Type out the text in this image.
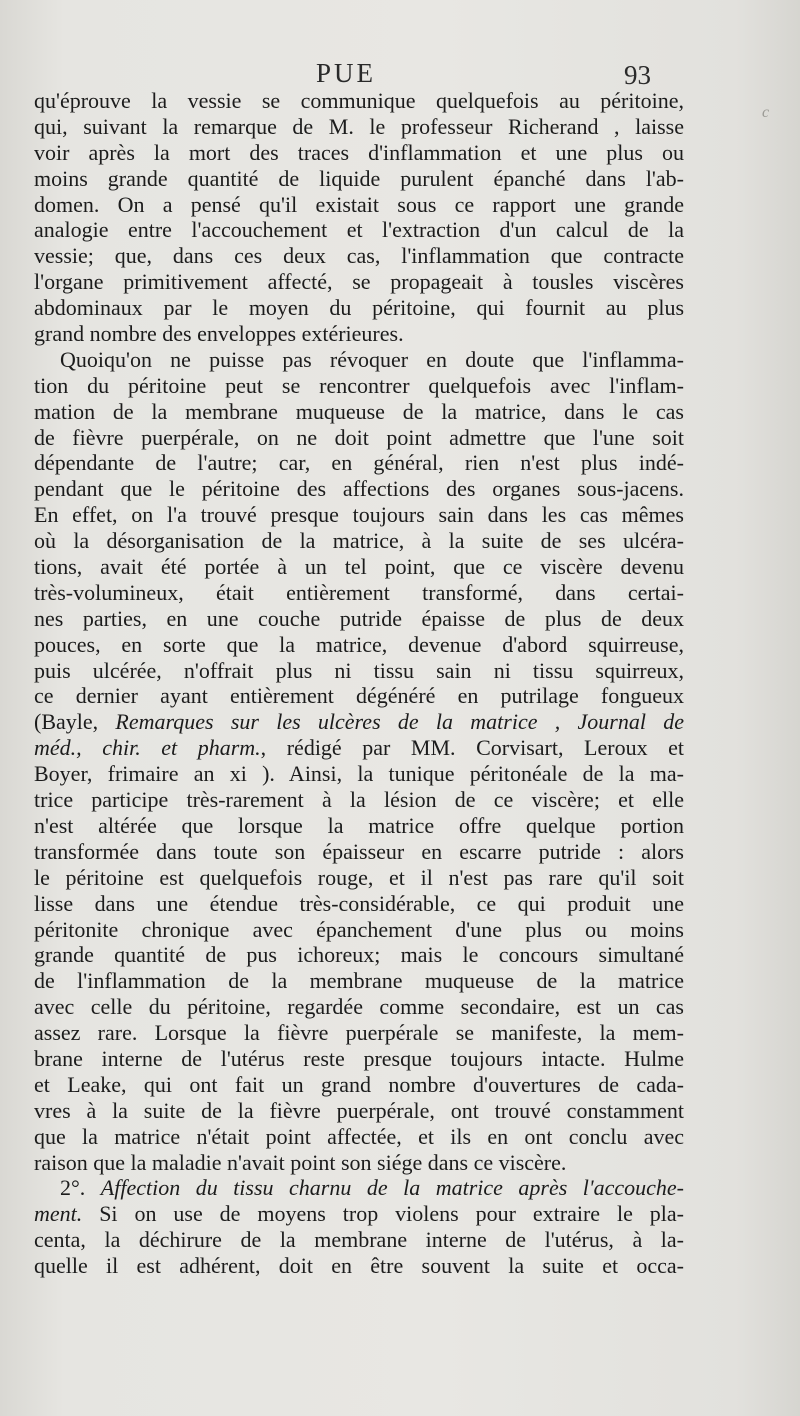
PUE	93
c
qu'éprouve la vessie se communique quelquefois au péritoine,
qui, suivant la remarque de M. le professeur Richerand , laisse
voir après la mort des traces d'inflammation et une plus ou
moins grande quantité de liquide purulent épanché dans l'ab-
domen. On a pensé qu'il existait sous ce rapport une grande
analogie entre l'accouchement et l'extraction d'un calcul de la
vessie; que, dans ces deux cas, l'inflammation que contracte
l'organe primitivement affecté, se propageait à tousles viscères
abdominaux par le moyen du péritoine, qui fournit au plus
grand nombre des enveloppes extérieures.
Quoiqu'on ne puisse pas révoquer en doute que l'inflamma-
tion du péritoine peut se rencontrer quelquefois avec l'inflam-
mation de la membrane muqueuse de la matrice, dans le cas
de fièvre puerpérale, on ne doit point admettre que l'une soit
dépendante de l'autre; car, en général, rien n'est plus indé-
pendant que le péritoine des affections des organes sous-jacens.
En effet, on l'a trouvé presque toujours sain dans les cas mêmes
où la désorganisation de la matrice, à la suite de ses ulcéra-
tions, avait été portée à un tel point, que ce viscère devenu
très-volumineux, était entièrement transformé, dans certai-
nes parties, en une couche putride épaisse de plus de deux
pouces, en sorte que la matrice, devenue d'abord squirreuse,
puis ulcérée, n'offrait plus ni tissu sain ni tissu squirreux,
ce dernier ayant entièrement dégénéré en putrilage fongueux
(Bayle, Remarques sur les ulcères de la matrice , Journal de
méd., chir. et pharm., rédigé par MM. Corvisart, Leroux et
Boyer, frimaire an xi ). Ainsi, la tunique péritonéale de la ma-
trice participe très-rarement à la lésion de ce viscère; et elle
n'est altérée que lorsque la matrice offre quelque portion
transformée dans toute son épaisseur en escarre putride : alors
le péritoine est quelquefois rouge, et il n'est pas rare qu'il soit
lisse dans une étendue très-considérable, ce qui produit une
péritonite chronique avec épanchement d'une plus ou moins
grande quantité de pus ichoreux; mais le concours simultané
de l'inflammation de la membrane muqueuse de la matrice
avec celle du péritoine, regardée comme secondaire, est un cas
assez rare. Lorsque la fièvre puerpérale se manifeste, la mem-
brane interne de l'utérus reste presque toujours intacte. Hulme
et Leake, qui ont fait un grand nombre d'ouvertures de cada-
vres à la suite de la fièvre puerpérale, ont trouvé constamment
que la matrice n'était point affectée, et ils en ont conclu avec
raison que la maladie n'avait point son siége dans ce viscère.
2°. Affection du tissu charnu de la matrice après l'accouche-
ment. Si on use de moyens trop violens pour extraire le pla-
centa, la déchirure de la membrane interne de l'utérus, à la-
quelle il est adhérent, doit en être souvent la suite et occa-
